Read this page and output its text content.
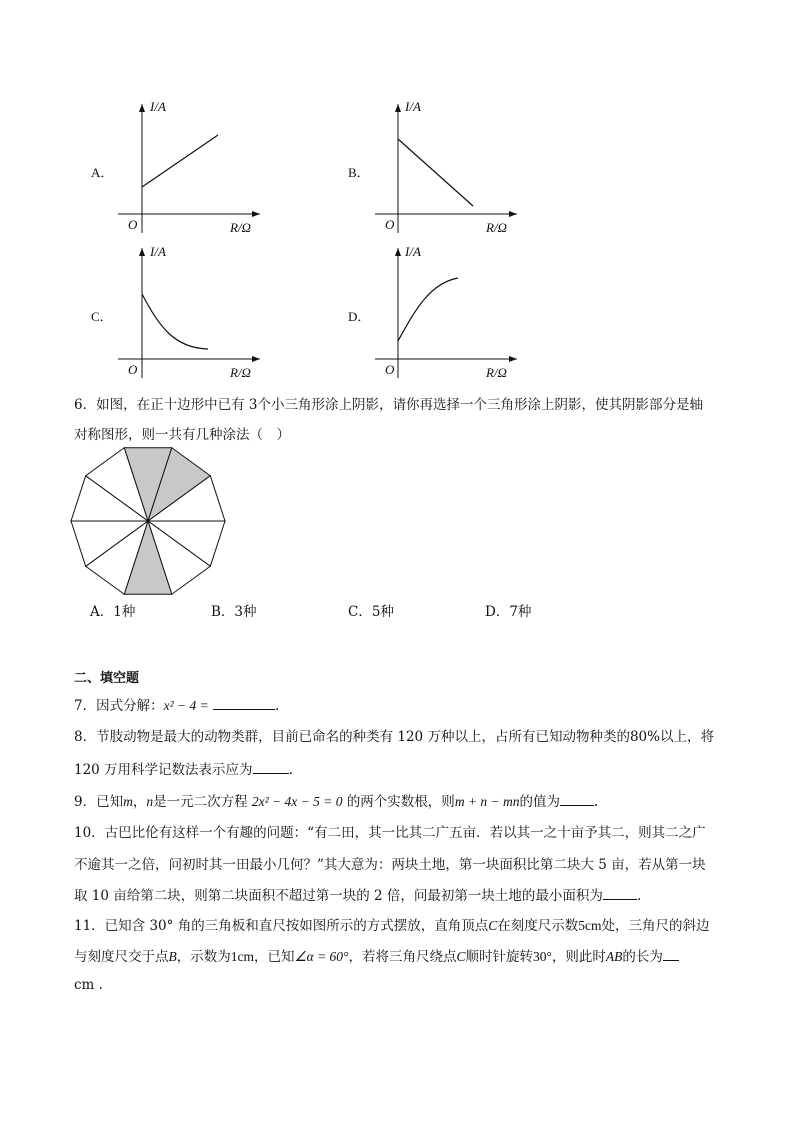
A．
I/A
O	R/Ω
B．
I/A
O	R/Ω
C．
I/A
O	R/Ω
D．
I/A
O	R/Ω
6．如图，在正十边形中已有 3个小三角形涂上阴影，请你再选择一个三角形涂上阴影，使其阴影部分是轴
对称图形，则一共有几种涂法（　）
A．1种	B．3种	C．5种	D．7种
二、填空题
7．因式分解：x² − 4 =	.
8．节肢动物是最大的动物类群，目前已命名的种类有 120 万种以上，占所有已知动物种类的80%以上，将
120 万用科学记数法表示应为	.
9．已知m，n是一元二次方程 2x² − 4x − 5 = 0 的两个实数根，则m + n − mn的值为	.
10．古巴比伦有这样一个有趣的问题：“有二田，其一比其二广五亩．若以其一之十亩予其二，则其二之广
不逾其一之倍，问初时其一田最小几何？”其大意为：两块土地，第一块面积比第二块大 5 亩，若从第一块
取 10 亩给第二块，则第二块面积不超过第一块的 2 倍，问最初第一块土地的最小面积为	.
11．已知含 30° 角的三角板和直尺按如图所示的方式摆放，直角顶点C在刻度尺示数5cm处，三角尺的斜边
与刻度尺交于点B，示数为1cm，已知∠α = 60°，若将三角尺绕点C顺时针旋转30°，则此时AB的长为
cm .
